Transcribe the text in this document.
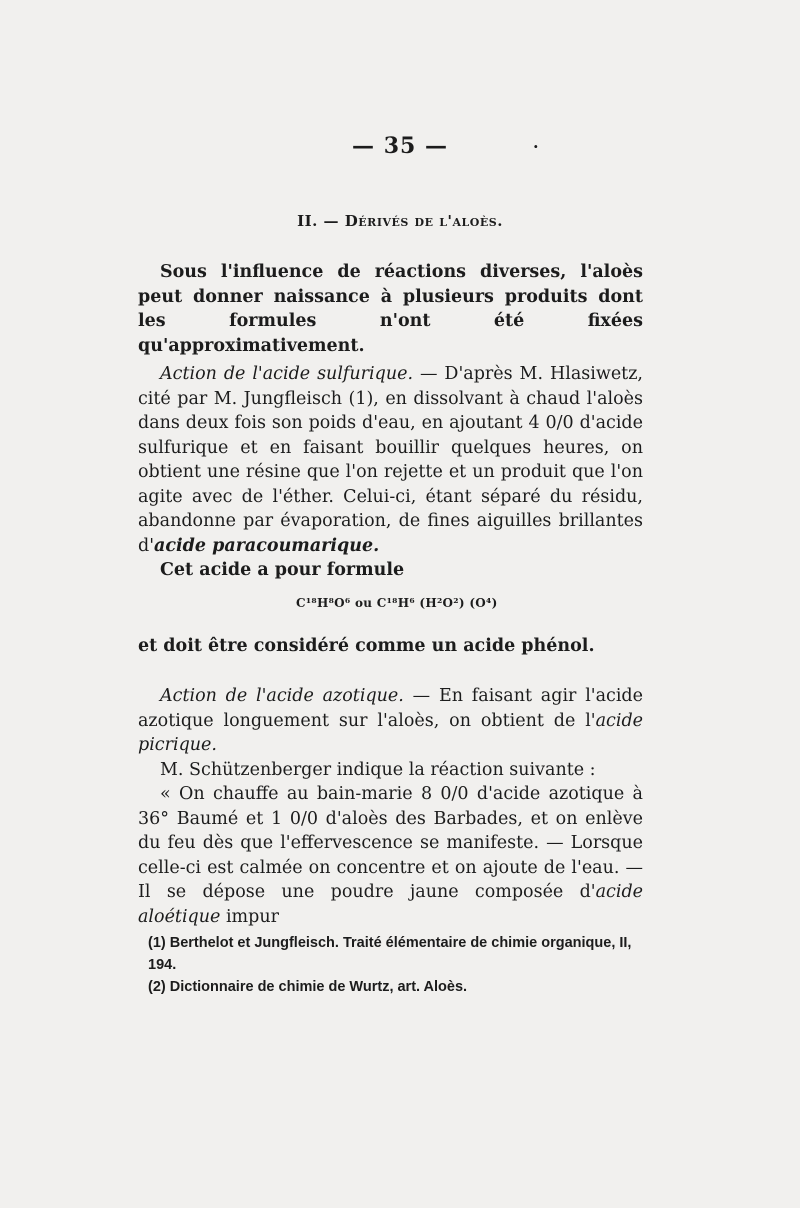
— 35 —	.
II. — Dérivés de l'aloès.

Sous l'influence de réactions diverses, l'aloès peut donner naissance à plusieurs produits dont les formules n'ont été fixées qu'approximativement.

Action de l'acide sulfurique. — D'après M. Hlasiwetz, cité par M. Jungfleisch (1), en dissolvant à chaud l'aloès dans deux fois son poids d'eau, en ajoutant 4 0/0 d'acide sulfurique et en faisant bouillir quelques heures, on obtient une résine que l'on rejette et un produit que l'on agite avec de l'éther. Celui-ci, étant séparé du résidu, abandonne par évaporation, de fines aiguilles brillantes d'acide paracoumarique.

Cet acide a pour formule

C¹⁸H⁸O⁶ ou C¹⁸H⁶ (H²O²) (O⁴)

et doit être considéré comme un acide phénol.

Action de l'acide azotique. — En faisant agir l'acide azotique longuement sur l'aloès, on obtient de l'acide picrique.

M. Schützenberger indique la réaction suivante :

« On chauffe au bain-marie 8 0/0 d'acide azotique à 36° Baumé et 1 0/0 d'aloès des Barbades, et on enlève du feu dès que l'effervescence se manifeste. — Lorsque celle-ci est calmée on concentre et on ajoute de l'eau. — Il se dépose une poudre jaune composée d'acide aloétique impur

(1) Berthelot et Jungfleisch. Traité élémentaire de chimie organique, II, 194.

(2) Dictionnaire de chimie de Wurtz, art. Aloès.
